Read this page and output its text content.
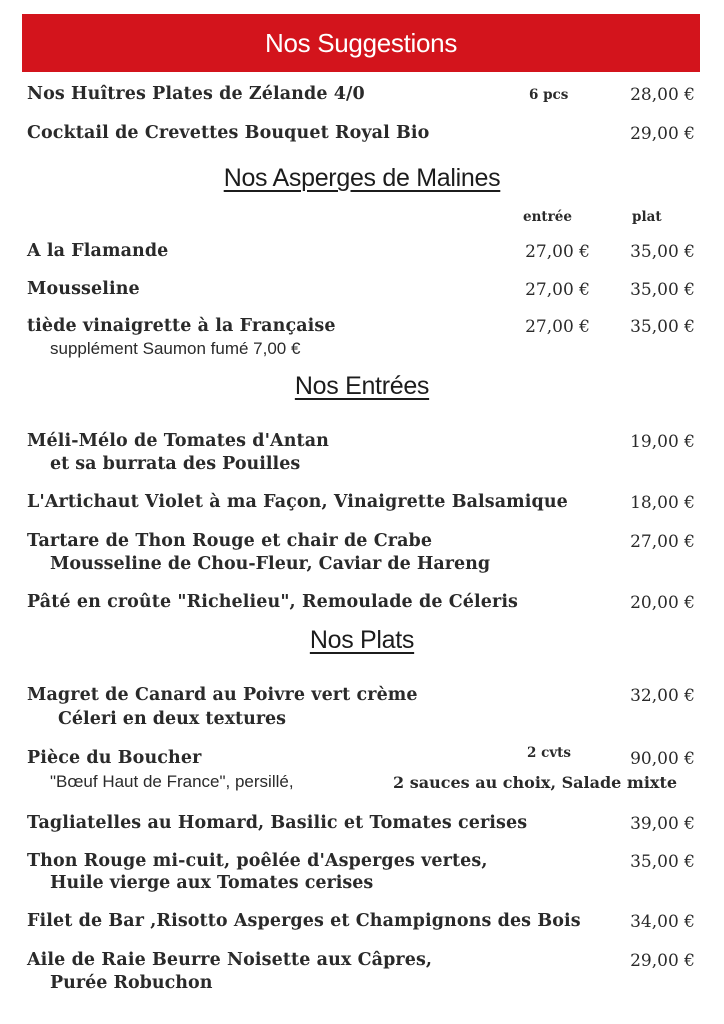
Nos Suggestions
Nos Huîtres Plates de Zélande 4/0	6 pcs	28,00 €
Cocktail de Crevettes Bouquet Royal Bio	29,00 €
Nos Asperges de Malines
entrée	plat
A la Flamande	27,00 €	35,00 €
Mousseline	27,00 €	35,00 €
tiède vinaigrette à la Française	27,00 €	35,00 €
supplément Saumon fumé 7,00 €
Nos Entrées
Méli-Mélo de Tomates d'Antan	19,00 €
et sa burrata des Pouilles
L'Artichaut Violet à ma Façon, Vinaigrette Balsamique	18,00 €
Tartare de Thon Rouge et chair de Crabe	27,00 €
Mousseline de Chou-Fleur, Caviar de Hareng
Pâté en croûte "Richelieu", Remoulade de Céleris	20,00 €
Nos Plats
Magret de Canard au Poivre vert crème	32,00 €
Céleri en deux textures
Pièce du Boucher	2 cvts	90,00 €
"Bœuf Haut de France", persillé,	2 sauces au choix, Salade mixte
Tagliatelles au Homard, Basilic et Tomates cerises	39,00 €
Thon Rouge mi-cuit, poêlée d'Asperges vertes,	35,00 €
Huile vierge aux Tomates cerises
Filet de Bar ,Risotto Asperges et Champignons des Bois	34,00 €
Aile de Raie Beurre Noisette aux Câpres,	29,00 €
Purée Robuchon
